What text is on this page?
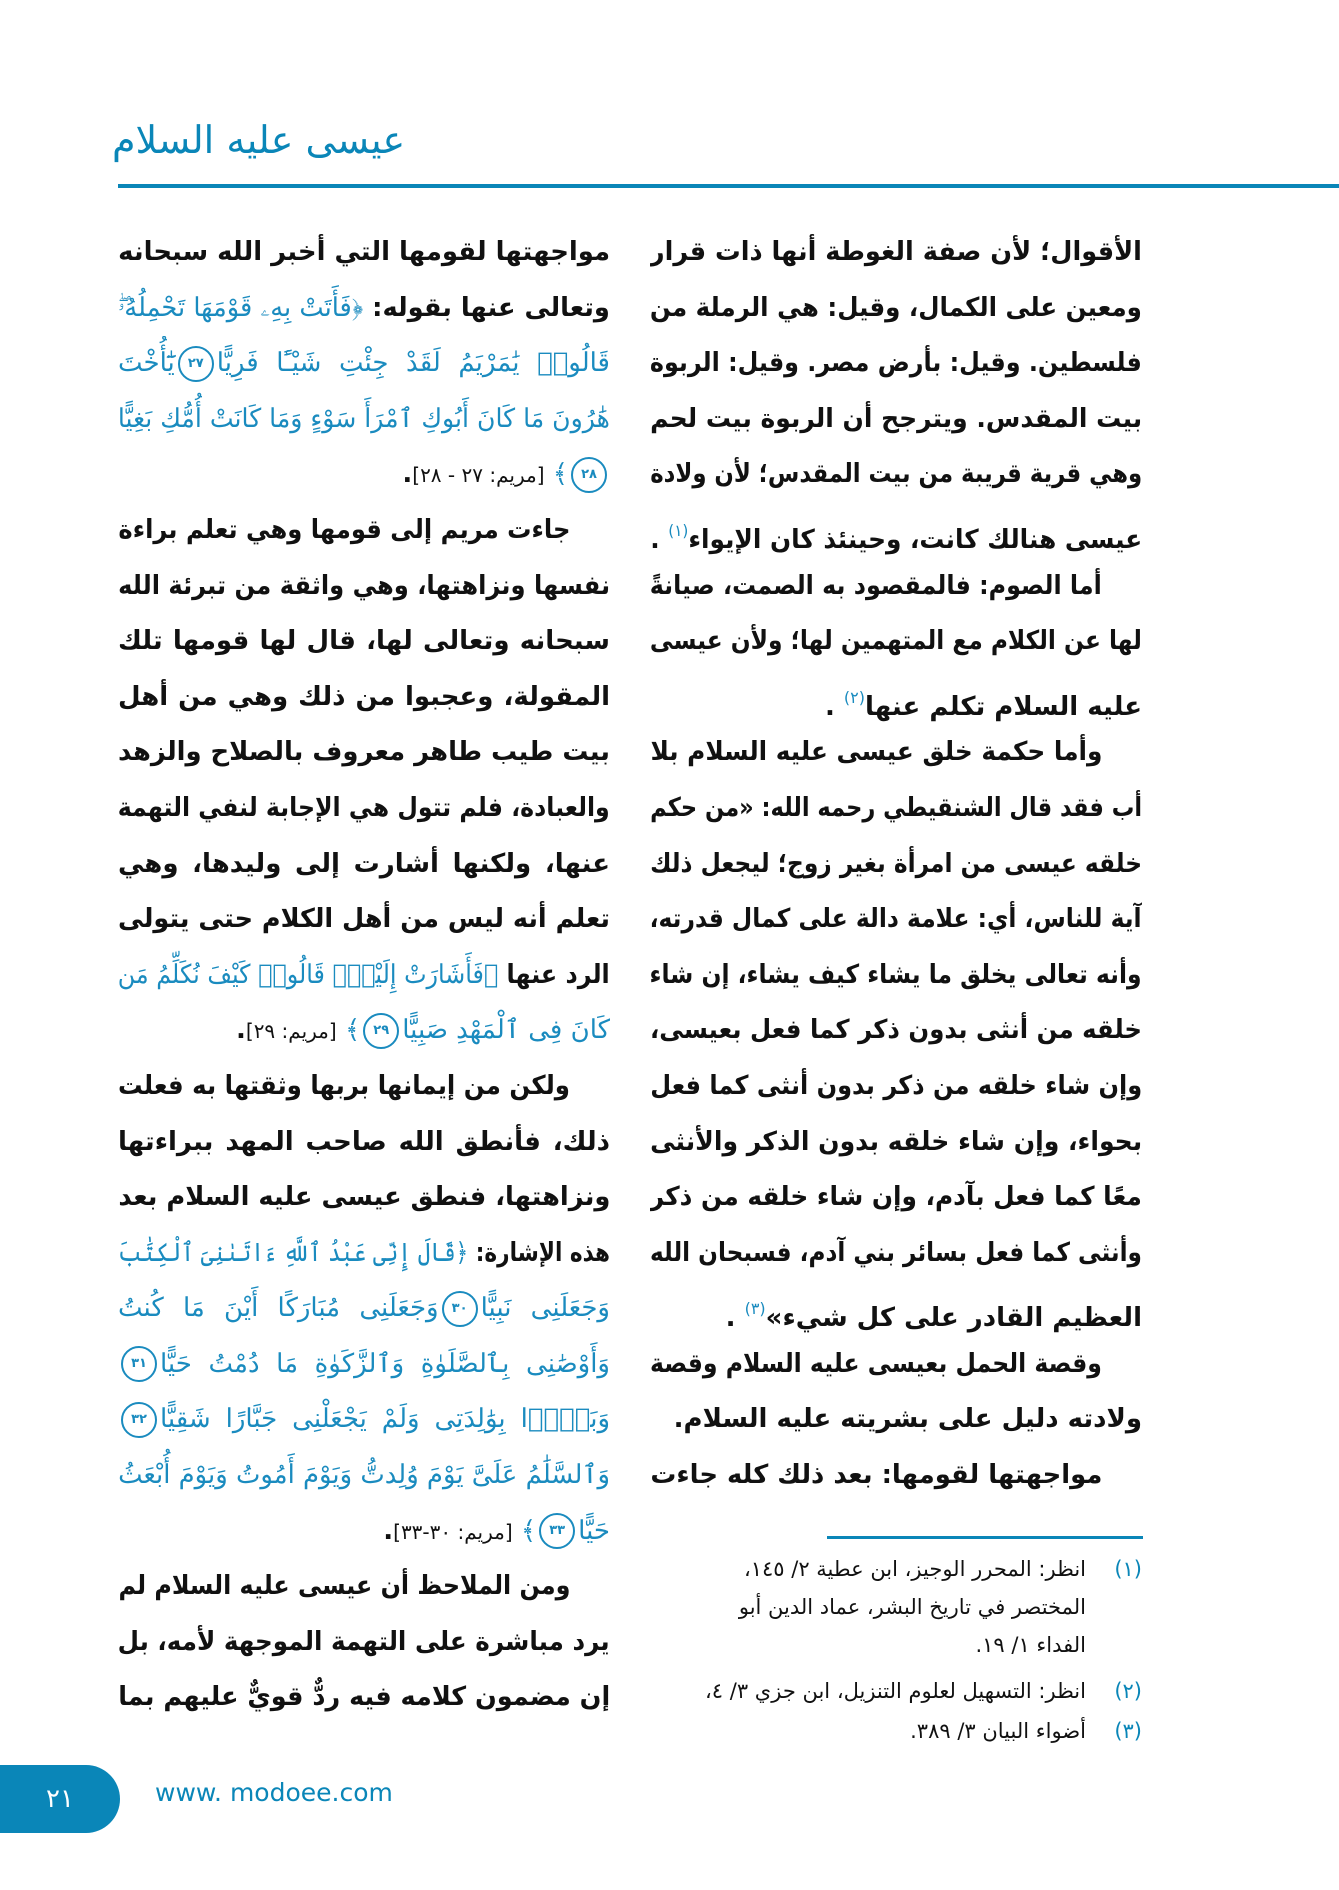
عيسى عليه السلام
الأقوال؛ لأن صفة الغوطة أنها ذات قرار
ومعين على الكمال، وقيل: هي الرملة من
فلسطين. وقيل: بأرض مصر. وقيل: الربوة
بيت المقدس. ويترجح أن الربوة بيت لحم
وهي قرية قريبة من بيت المقدس؛ لأن ولادة
عيسى هنالك كانت، وحينئذ كان الإيواء$^{(١)}$ .
أما الصوم: فالمقصود به الصمت، صيانةً
لها عن الكلام مع المتهمين لها؛ ولأن عيسى
عليه السلام تكلم عنها$^{(٢)}$ .
وأما حكمة خلق عيسى عليه السلام بلا
أب فقد قال الشنقيطي رحمه الله: «من حكم
خلقه عيسى من امرأة بغير زوج؛ ليجعل ذلك
آية للناس، أي: علامة دالة على كمال قدرته،
وأنه تعالى يخلق ما يشاء كيف يشاء، إن شاء
خلقه من أنثى بدون ذكر كما فعل بعيسى،
وإن شاء خلقه من ذكر بدون أنثى كما فعل
بحواء، وإن شاء خلقه بدون الذكر والأنثى
معًا كما فعل بآدم، وإن شاء خلقه من ذكر
وأنثى كما فعل بسائر بني آدم، فسبحان الله
العظيم القادر على كل شيء»$^{(٣)}$ .
وقصة الحمل بعيسى عليه السلام وقصة
ولادته دليل على بشريته عليه السلام.
مواجهتها لقومها: بعد ذلك كله جاءت
مواجهتها لقومها التي أخبر الله سبحانه
وتعالى عنها بقوله: ﴿فَأَتَتْ بِهِۦ قَوْمَهَا تَحْمِلُهُۥۖ
قَالُوا۟ يَٰمَرْيَمُ لَقَدْ جِئْتِ شَيْـًٔا فَرِيًّا٢٧يَٰٓأُخْتَ
هَٰرُونَ مَا كَانَ أَبُوكِ ٱمْرَأَ سَوْءٍ وَمَا كَانَتْ أُمُّكِ بَغِيًّا
٢٨﴾ [مريم: ٢٧ - ٢٨].
جاءت مريم إلى قومها وهي تعلم براءة
نفسها ونزاهتها، وهي واثقة من تبرئة الله
سبحانه وتعالى لها، قال لها قومها تلك
المقولة، وعجبوا من ذلك وهي من أهل
بيت طيب طاهر معروف بالصلاح والزهد
والعبادة، فلم تتول هي الإجابة لنفي التهمة
عنها، ولكنها أشارت إلى وليدها، وهي
تعلم أنه ليس من أهل الكلام حتى يتولى
الرد عنها ﴿فَأَشَارَتْ إِلَيْهِۖ قَالُوا۟ كَيْفَ نُكَلِّمُ مَن
كَانَ فِى ٱلْمَهْدِ صَبِيًّا٢٩﴾ [مريم: ٢٩].
ولكن من إيمانها بربها وثقتها به فعلت
ذلك، فأنطق الله صاحب المهد ببراءتها
ونزاهتها، فنطق عيسى عليه السلام بعد
هذه الإشارة: ﴿قَالَ إِنِّى عَبْدُ ٱللَّهِ ءَاتَىٰنِىَ ٱلْكِتَٰبَ
وَجَعَلَنِى نَبِيًّا٣٠وَجَعَلَنِى مُبَارَكًا أَيْنَ مَا كُنتُ
وَأَوْصَٰنِى بِٱلصَّلَوٰةِ وَٱلزَّكَوٰةِ مَا دُمْتُ حَيًّا٣١
وَبَرًّۢا بِوَٰلِدَتِى وَلَمْ يَجْعَلْنِى جَبَّارًا شَقِيًّا٣٢
وَٱلسَّلَٰمُ عَلَىَّ يَوْمَ وُلِدتُّ وَيَوْمَ أَمُوتُ وَيَوْمَ أُبْعَثُ
حَيًّا٣٣﴾ [مريم: ٣٠-٣٣].
ومن الملاحظ أن عيسى عليه السلام لم
يرد مباشرة على التهمة الموجهة لأمه، بل
إن مضمون كلامه فيه ردٌّ قويٌّ عليهم بما
(١)
انظر: المحرر الوجيز، ابن عطية ٢/ ١٤٥،
المختصر في تاريخ البشر، عماد الدين أبو
الفداء ١/ ١٩.
(٢)
انظر: التسهيل لعلوم التنزيل، ابن جزي ٣/ ٤،
(٣)
أضواء البيان ٣/ ٣٨٩.
٢١	www. modoee.com
